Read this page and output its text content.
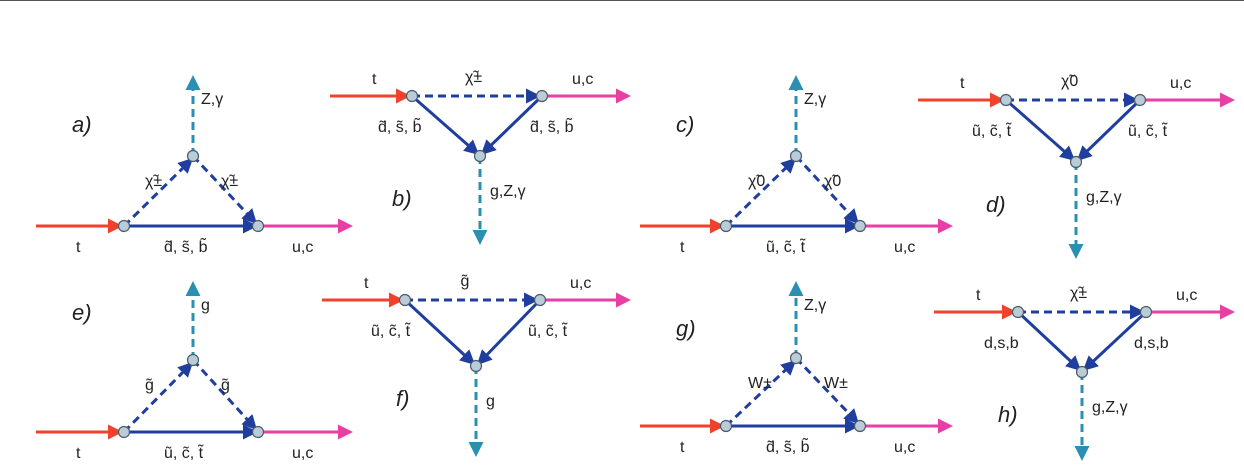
a)
t	d̃, s̃, b̃	u,c
χ̃±	χ̃±
Z,γ
e)
t	ũ, c̃, t̃	u,c
g̃	g̃
g
c)
t	ũ, c̃, t̃	u,c
χ̃0	χ̃0
Z,γ
g)
t	d̃, s̃, b̃	u,c
W±	W±
Z,γ
b)
t	χ̃±	u,c
d̃, s̃, b̃	d̃, s̃, b̃
g,Z,γ
f)
t	g̃	u,c
ũ, c̃, t̃	ũ, c̃, t̃
g
d)
t	χ̃0	u,c
ũ, c̃, t̃	ũ, c̃, t̃
g,Z,γ
h)
t	χ̃±	u,c
d,s,b	d,s,b
g,Z,γ
